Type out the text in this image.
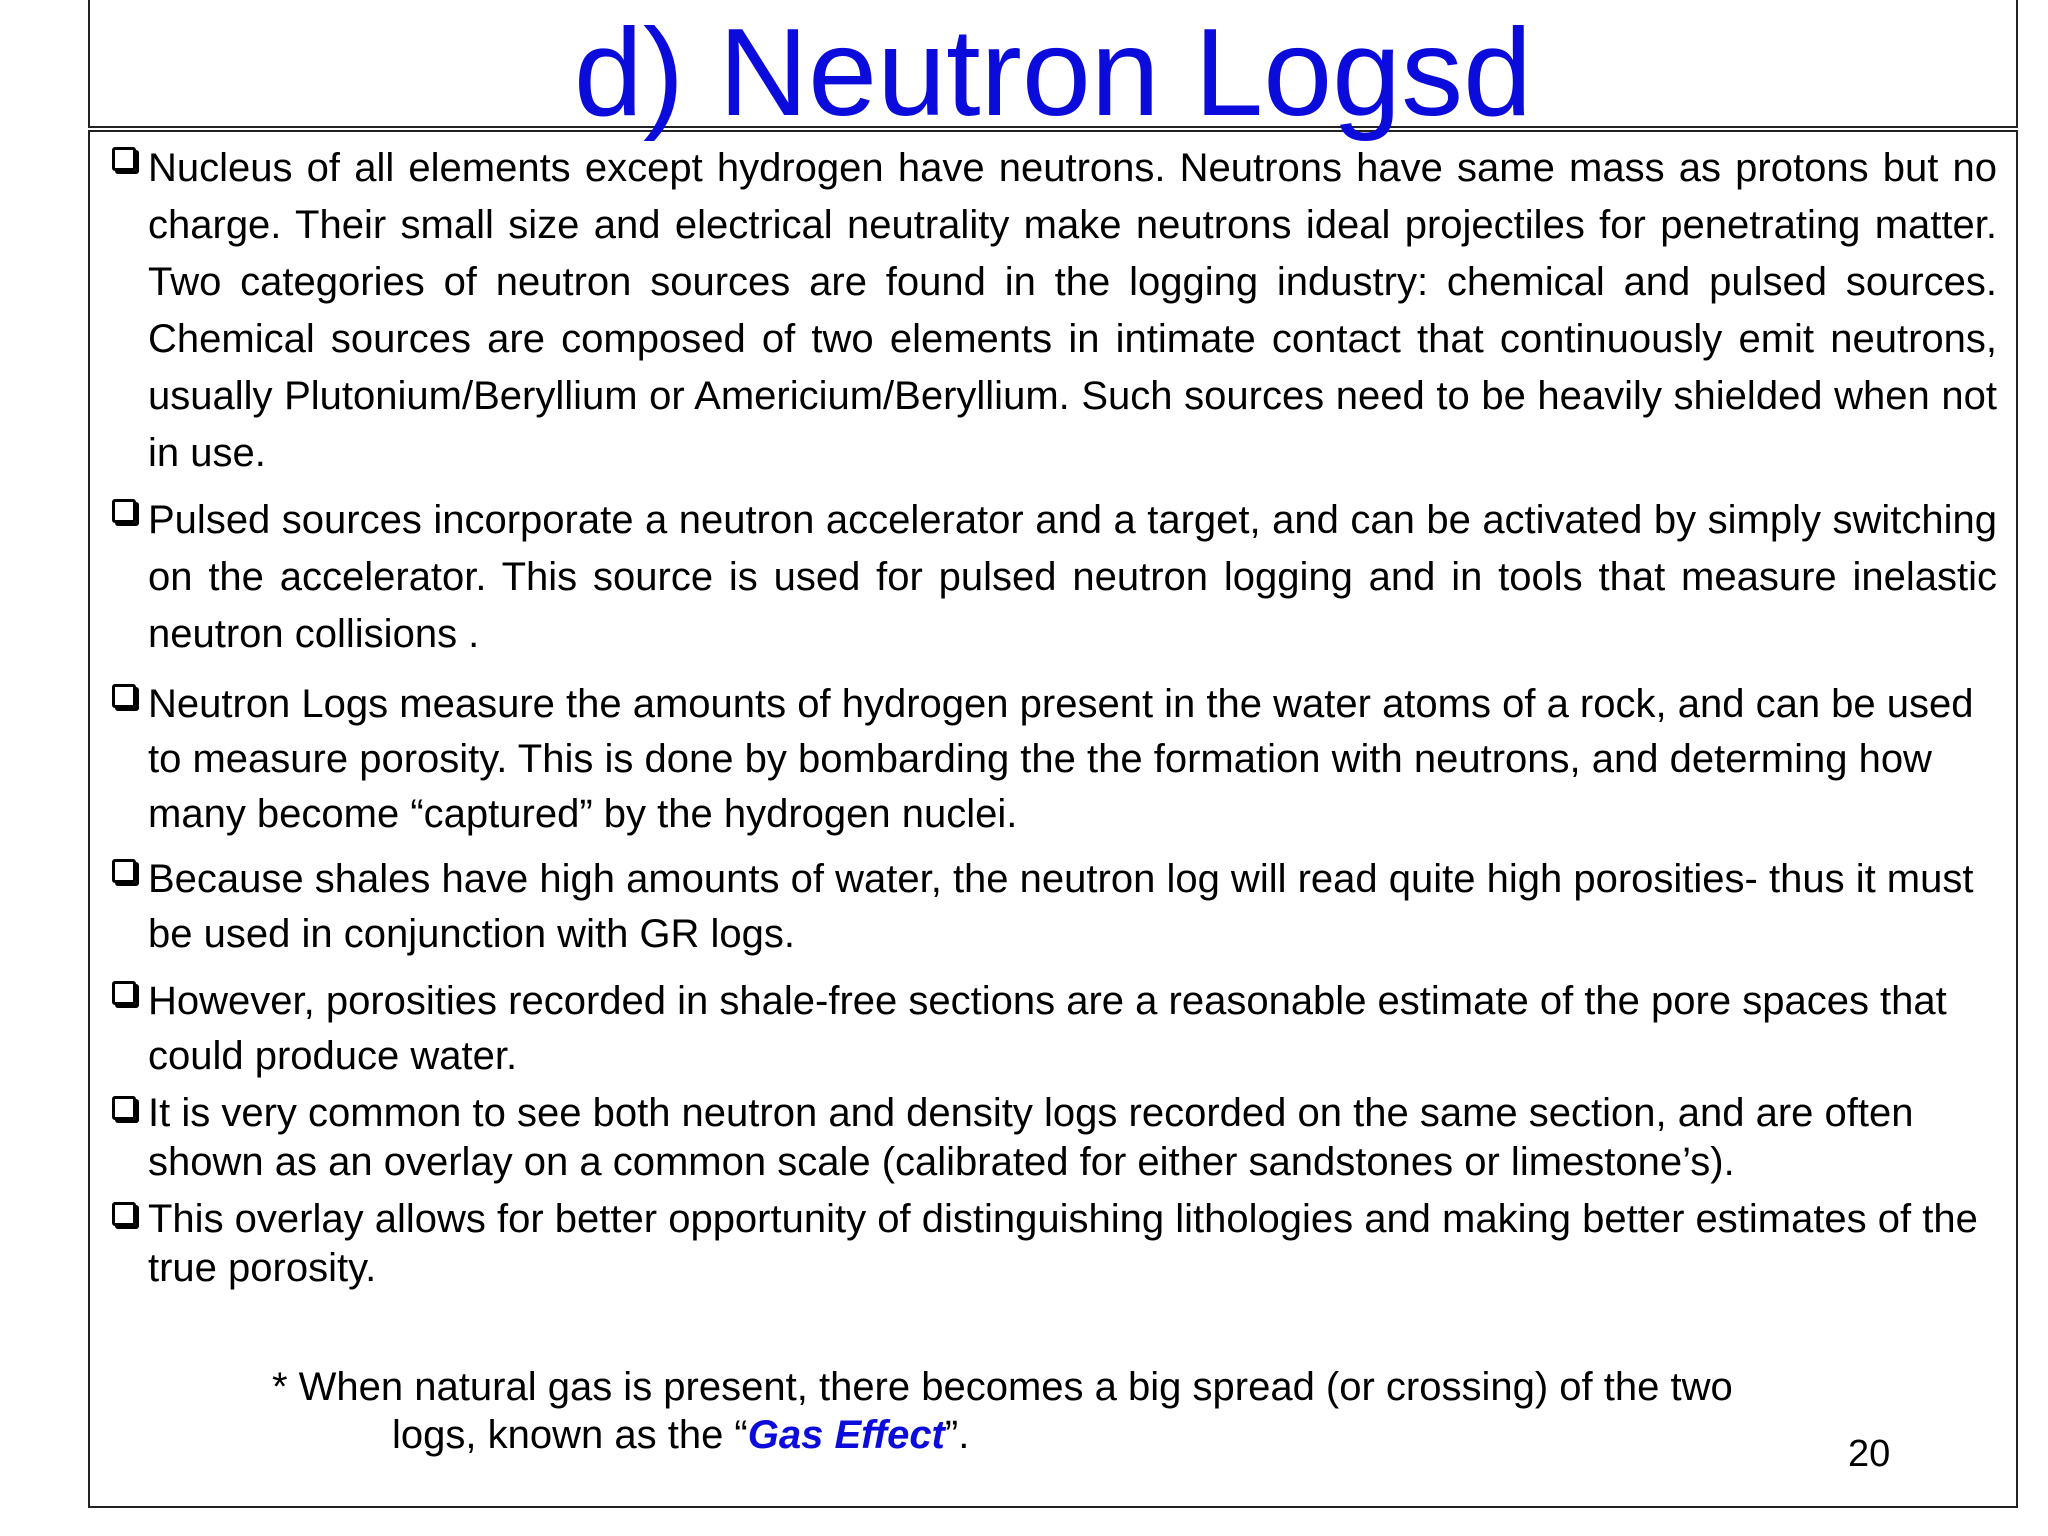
d) Neutron Logsd
Nucleus of all elements except hydrogen have neutrons. Neutrons have same mass as protons but no charge. Their small size and electrical neutrality make neutrons ideal projectiles for penetrating matter. Two categories of neutron sources are found in the logging industry: chemical and pulsed sources. Chemical sources are composed of two elements in intimate contact that continuously emit neutrons, usually Plutonium/Beryllium or Americium/Beryllium. Such sources need to be heavily shielded when not in use.
Pulsed sources incorporate a neutron accelerator and a target, and can be activated by simply switching on the accelerator. This source is used for pulsed neutron logging and in tools that measure inelastic neutron collisions .
Neutron Logs measure the amounts of hydrogen present in the water atoms of a rock, and can be used to measure porosity. This is done by bombarding the the formation with neutrons, and determing how many become “captured” by the hydrogen nuclei.
Because shales have high amounts of water, the neutron log will read quite high porosities- thus it must be used in conjunction with GR logs.
However, porosities recorded in shale-free sections are a reasonable estimate of the pore spaces that could produce water.
It is very common to see both neutron and density logs recorded on the same section, and are often shown as an overlay on a common scale (calibrated for either sandstones or limestone’s).
This overlay allows for better opportunity of distinguishing lithologies and making better estimates of the true porosity.
* When natural gas is present, there becomes a big spread (or crossing) of the two
logs, known as the “Gas Effect”.	20
